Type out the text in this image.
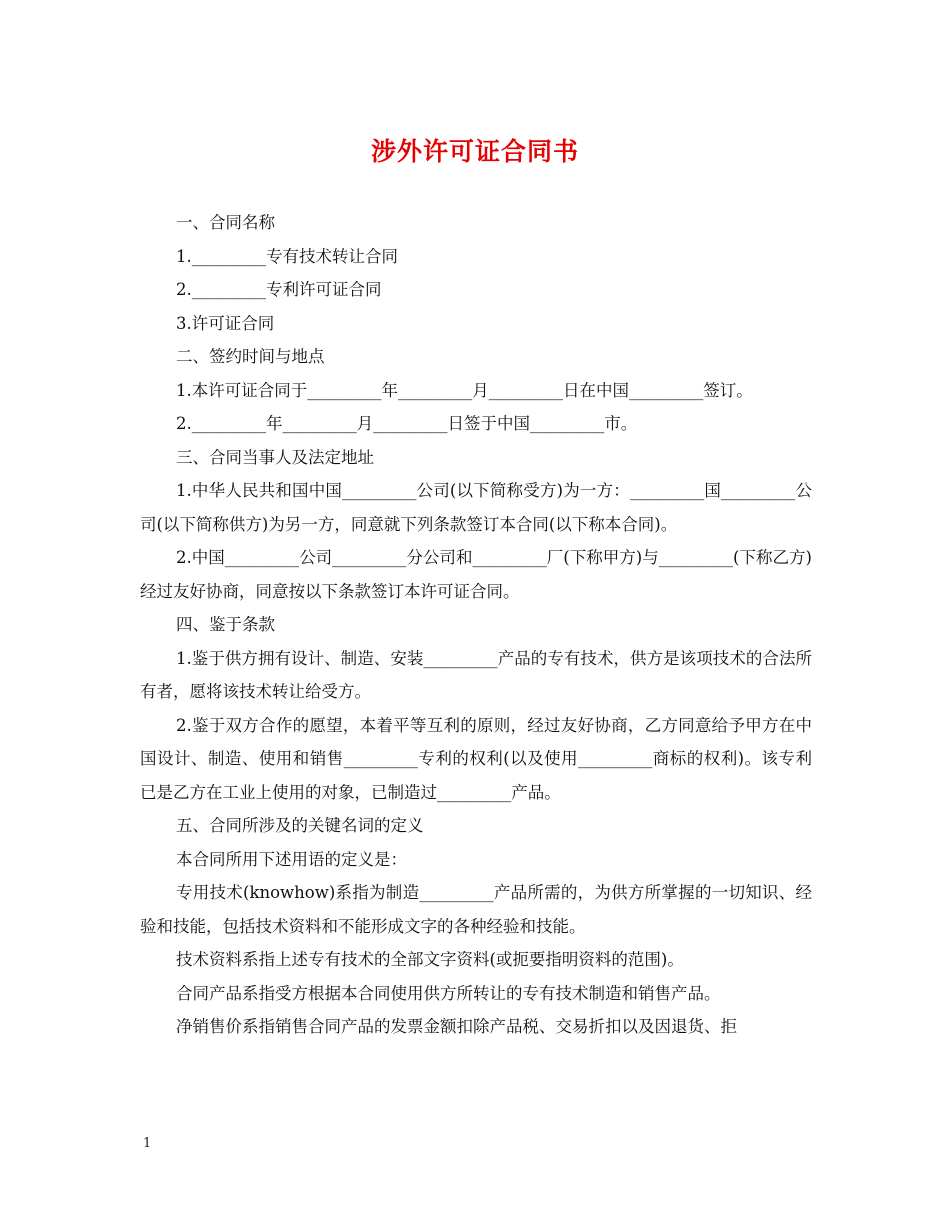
涉外许可证合同书

一、合同名称

1._________专有技术转让合同

2._________专利许可证合同

3.许可证合同

二、签约时间与地点

1.本许可证合同于_________年_________月_________日在中国_________签订。

2._________年_________月_________日签于中国_________市。

三、合同当事人及法定地址

1.中华人民共和国中国_________公司(以下简称受方)为一方：_________国_________公司(以下简称供方)为另一方，同意就下列条款签订本合同(以下称本合同)。

2.中国_________公司_________分公司和_________厂(下称甲方)与_________(下称乙方)经过友好协商，同意按以下条款签订本许可证合同。

四、鉴于条款

1.鉴于供方拥有设计、制造、安装_________产品的专有技术，供方是该项技术的合法所有者，愿将该技术转让给受方。

2.鉴于双方合作的愿望，本着平等互利的原则，经过友好协商，乙方同意给予甲方在中国设计、制造、使用和销售_________专利的权利(以及使用_________商标的权利)。该专利已是乙方在工业上使用的对象，已制造过_________产品。

五、合同所涉及的关键名词的定义

本合同所用下述用语的定义是：

专用技术(knowhow)系指为制造_________产品所需的，为供方所掌握的一切知识、经验和技能，包括技术资料和不能形成文字的各种经验和技能。

技术资料系指上述专有技术的全部文字资料(或扼要指明资料的范围)。

合同产品系指受方根据本合同使用供方所转让的专有技术制造和销售产品。

净销售价系指销售合同产品的发票金额扣除产品税、交易折扣以及因退货、拒

1
